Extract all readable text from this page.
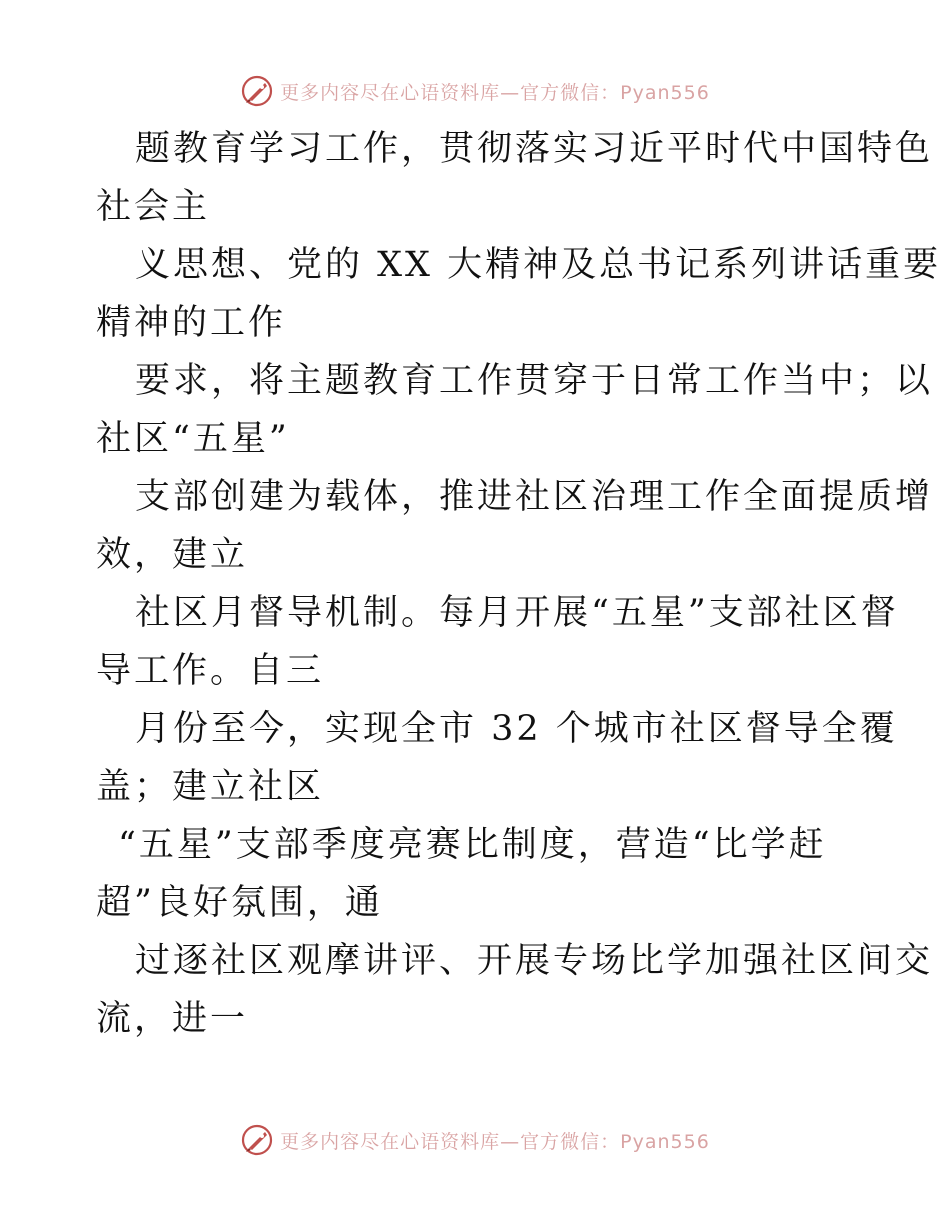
更多内容尽在心语资料库—官方微信：Pyan556
题教育学习工作，贯彻落实习近平时代中国特色
社会主
义思想、党的 XX 大精神及总书记系列讲话重要
精神的工作
要求，将主题教育工作贯穿于日常工作当中；以
社区“五星”
支部创建为载体，推进社区治理工作全面提质增
效，建立
社区月督导机制。每月开展“五星”支部社区督
导工作。自三
月份至今，实现全市 32 个城市社区督导全覆
盖；建立社区
“五星”支部季度亮赛比制度，营造“比学赶
超”良好氛围，通
过逐社区观摩讲评、开展专场比学加强社区间交
流，进一
更多内容尽在心语资料库—官方微信：Pyan556
